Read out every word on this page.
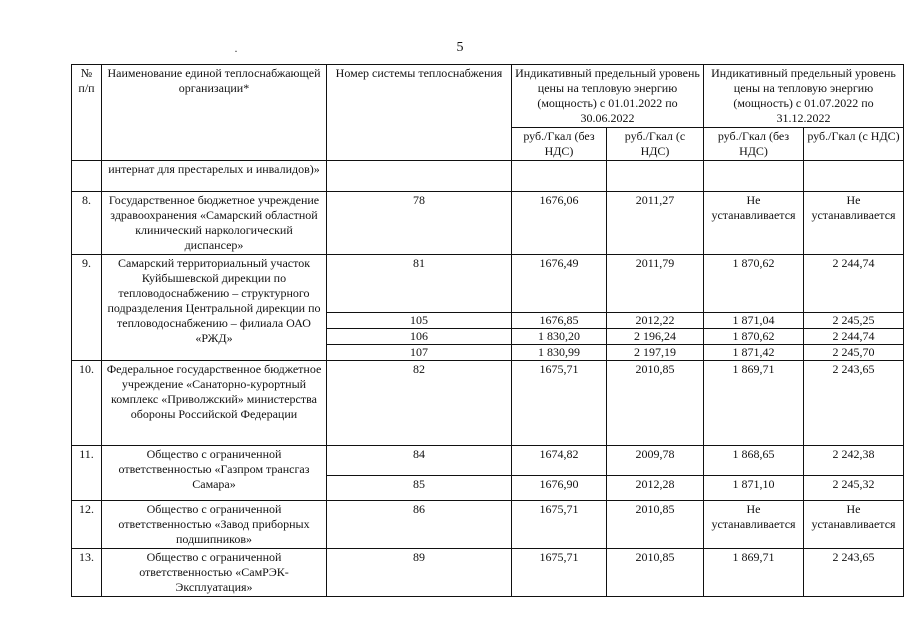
5
·
№ п/п	Наименование единой теплоснабжающей организации*	Номер системы теплоснабжения	Индикативный предельный уровень цены на тепловую энергию (мощность) с 01.01.2022 по 30.06.2022		Индикативный предельный уровень цены на тепловую энергию (мощность) с 01.07.2022 по 31.12.2022	
			руб./Гкал (без НДС)	руб./Гкал (с НДС)	руб./Гкал (без НДС)	руб./Гкал (с НДС)
	интернат для престарелых и инвалидов)»					
8.	Государственное бюджетное учреждение здравоохранения «Самарский областной клинический наркологический диспансер»	78	1676,06	2011,27	Не устанавливается	Не устанавливается
9.	Самарский территориальный участок Куйбышевской дирекции по тепловодоснабжению – структурного подразделения Центральной дирекции по тепловодоснабжению – филиала ОАО «РЖД»	81	1676,49	2011,79	1 870,62	2 244,74
		105	1676,85	2012,22	1 871,04	2 245,25
		106	1 830,20	2 196,24	1 870,62	2 244,74
		107	1 830,99	2 197,19	1 871,42	2 245,70
10.	Федеральное государственное бюджетное учреждение «Санаторно-курортный комплекс «Приволжский» министерства обороны Российской Федерации	82	1675,71	2010,85	1 869,71	2 243,65
11.	Общество с ограниченной ответственностью «Газпром трансгаз Самара»	84	1674,82	2009,78	1 868,65	2 242,38
		85	1676,90	2012,28	1 871,10	2 245,32
12.	Общество с ограниченной ответственностью «Завод приборных подшипников»	86	1675,71	2010,85	Не устанавливается	Не устанавливается
13.	Общество с ограниченной ответственностью «СамРЭК-Эксплуатация»	89	1675,71	2010,85	1 869,71	2 243,65
